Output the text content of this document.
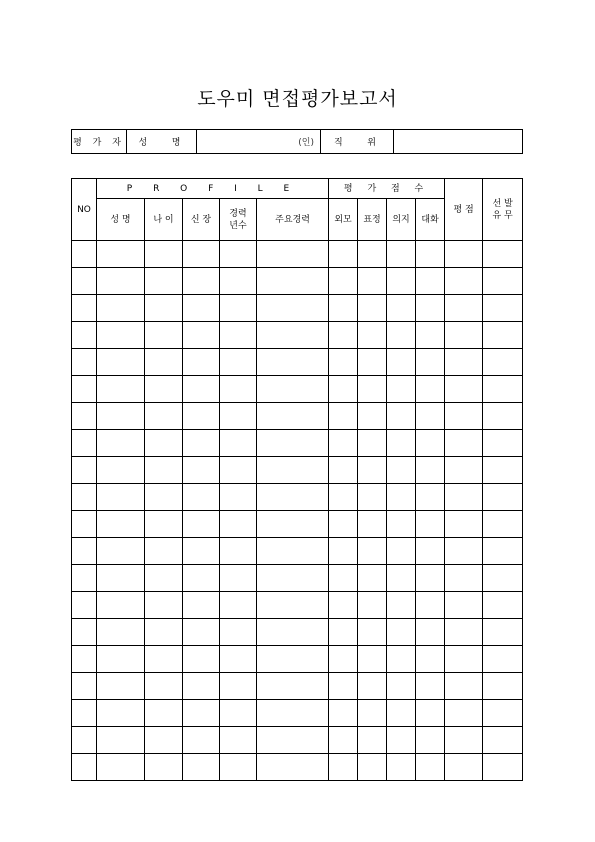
도우미 면접평가보고서
평 가 자	성   명	(인)	직   위	
NO	P R O F I L E					평 가 점 수				평 점	선 발
유 무

	성 명	나 이	신 장	경력
년수	주요경력	외모	표정	의지	대화		
